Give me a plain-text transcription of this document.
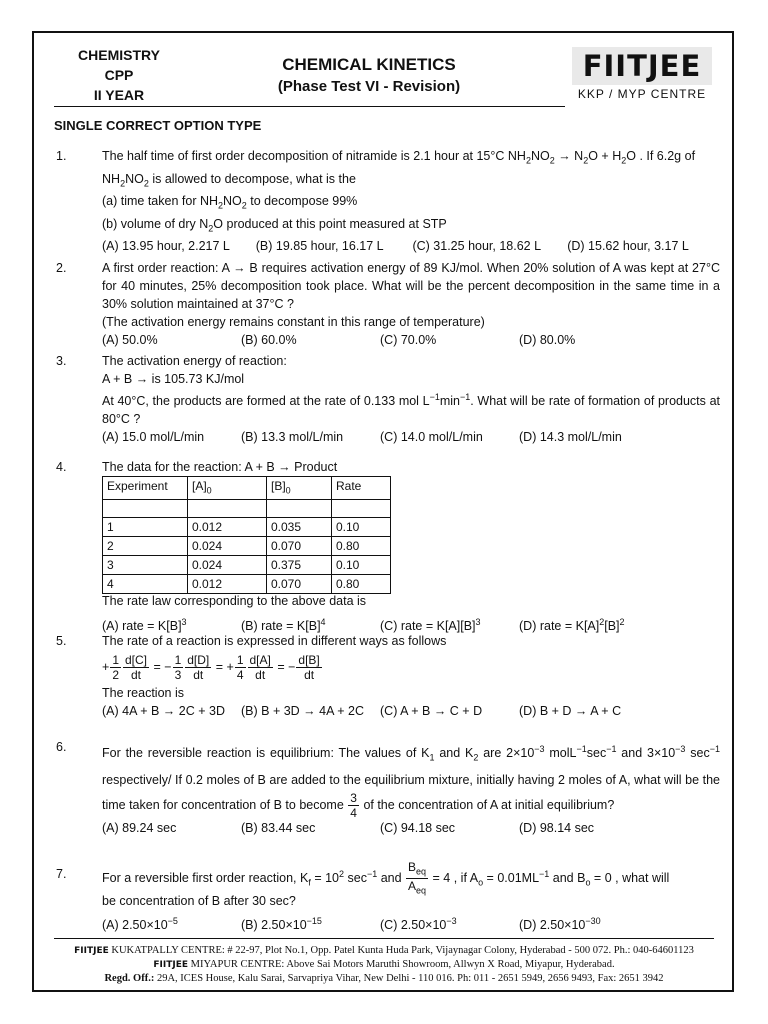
CHEMISTRY
CPP
II YEAR
CHEMICAL KINETICS
(Phase Test VI - Revision)
FIITJEE
KKP / MYP CENTRE
SINGLE CORRECT OPTION TYPE
1.	The half time of first order decomposition of nitramide is 2.1 hour at 15°C $NH_2NO_2 \to N_2O + H_2O$ . If 6.2g of
$NH_2NO_2$ is allowed to decompose, what is the
(a) time taken for $NH_2NO_2$ to decompose 99%
(b) volume of dry $N_2O$ produced at this point measured at STP
(A) 13.95 hour, 2.217 L	(B) 19.85 hour, 16.17 L	(C) 31.25 hour, 18.62 L	(D) 15.62 hour, 3.17 L
2.	A first order reaction: A → B requires activation energy of 89 KJ/mol. When 20% solution of A was kept at 27°C for 40 minutes, 25% decomposition took place. What will be the percent decomposition in the same time in a 30% solution maintained at 37°C ?
(The activation energy remains constant in this range of temperature)
(A) 50.0%	(B) 60.0%	(C) 70.0%	(D) 80.0%
3.	The activation energy of reaction:
A + B → is 105.73 KJ/mol
At 40°C, the products are formed at the rate of 0.133 mol $L^{-1}\min^{-1}$. What will be rate of formation of products at 80°C ?
(A) 15.0 mol/L/min	(B) 13.3 mol/L/min	(C) 14.0 mol/L/min	(D) 14.3 mol/L/min
4.	The data for the reaction: A + B → Product
Experiment	$[A]_0$	$[B]_0$	Rate

1	0.012	0.035	0.10
2	0.024	0.070	0.80
3	0.024	0.375	0.10
4	0.012	0.070	0.80
The rate law corresponding to the above data is
(A) rate = $K[B]^3$	(B) rate = $K[B]^4$	(C) rate = $K[A][B]^3$	(D) rate = $K[A]^2[B]^2$
5.	The rate of a reaction is expressed in different ways as follows
+ $\frac{1}{2} \frac{d[C]}{dt}$ = − $\frac{1}{3} \frac{d[D]}{dt}$ = + $\frac{1}{4} \frac{d[A]}{dt}$ = − $\frac{d[B]}{dt}$
The reaction is
(A) 4A + B → 2C + 3D	(B) B + 3D → 4A + 2C	(C) A + B → C + D	(D) B + D → A + C
6.	For the reversible reaction is equilibrium: The values of $K_1$ and $K_2$ are $2\times 10^{-3}$ $molL^{-1}\sec^{-1}$ and $3\times 10^{-3}$ $\sec^{-1}$ respectively/ If 0.2 moles of B are added to the equilibrium mixture, initially having 2 moles of A, what will be the time taken for concentration of B to become $\frac{3}{4}$ of the concentration of A at initial equilibrium?
(A) 89.24 sec	(B) 83.44 sec	(C) 94.18 sec	(D) 98.14 sec
7.	For a reversible first order reaction, $K_f = 10^2$ $\sec^{-1}$ and $\frac{B_{eq}}{A_{eq}} = 4$ , if $A_o = 0.01ML^{-1}$ and $B_o = 0$ , what will
be concentration of B after 30 sec?
(A) $2.50\times 10^{-5}$	(B) $2.50\times 10^{-15}$	(C) $2.50\times 10^{-3}$	(D) $2.50\times 10^{-30}$
FIITJEE KUKATPALLY CENTRE: # 22-97, Plot No.1, Opp. Patel Kunta Huda Park, Vijaynagar Colony, Hyderabad - 500 072. Ph.: 040-64601123
FIITJEE MIYAPUR CENTRE: Above Sai Motors Maruthi Showroom, Allwyn X Road, Miyapur, Hyderabad.
Regd. Off.: 29A, ICES House, Kalu Sarai, Sarvapriya Vihar, New Delhi - 110 016. Ph: 011 - 2651 5949, 2656 9493, Fax: 2651 3942
